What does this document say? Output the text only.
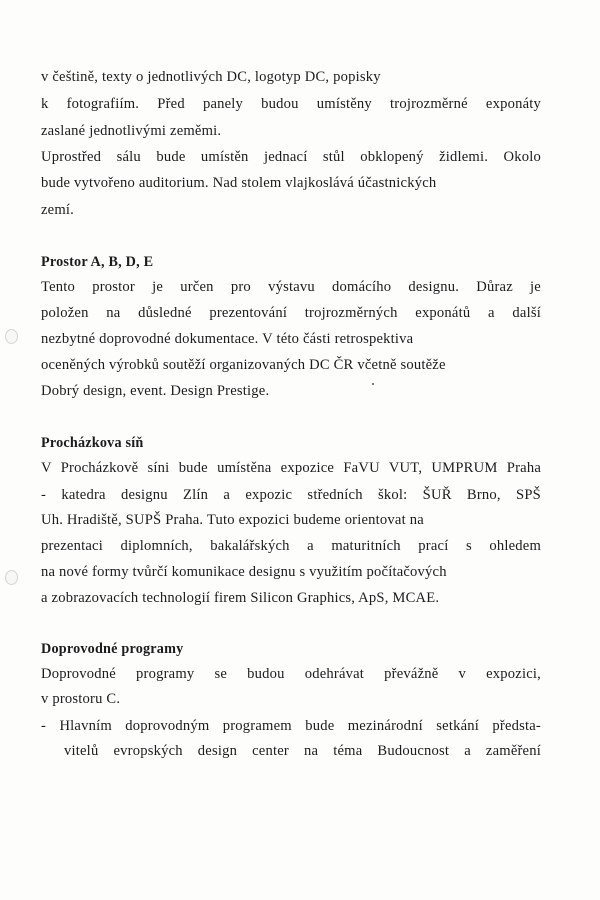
v češtině, texty o jednotlivých DC, logotyp DC, popisky
k fotografiím. Před panely budou umístěny trojrozměrné exponáty
zaslané jednotlivými zeměmi.
Uprostřed sálu bude umístěn jednací stůl obklopený židlemi. Okolo
bude vytvořeno auditorium. Nad stolem vlajkoslává účastnických
zemí.
Prostor A, B, D, E
Tento prostor je určen pro výstavu domácího designu. Důraz je
položen na důsledné prezentování trojrozměrných exponátů a další
nezbytné doprovodné dokumentace. V této části retrospektiva
oceněných výrobků soutěží organizovaných DC ČR včetně soutěže
Dobrý design, event. Design Prestige.
Procházkova síň
V Procházkově síni bude umístěna expozice FaVU VUT, UMPRUM Praha
- katedra designu Zlín a expozic středních škol: ŠUŘ Brno, SPŠ
Uh. Hradiště, SUPŠ Praha. Tuto expozici budeme orientovat na
prezentaci diplomních, bakalářských a maturitních prací s ohledem
na nové formy tvůrčí komunikace designu s využitím počítačových
a zobrazovacích technologií firem Silicon Graphics, ApS, MCAE.
Doprovodné programy
Doprovodné programy se budou odehrávat převážně v expozici,
v prostoru C.
- Hlavním doprovodným programem bude mezinárodní setkání předsta-
vitelů evropských design center na téma Budoucnost a zaměření
